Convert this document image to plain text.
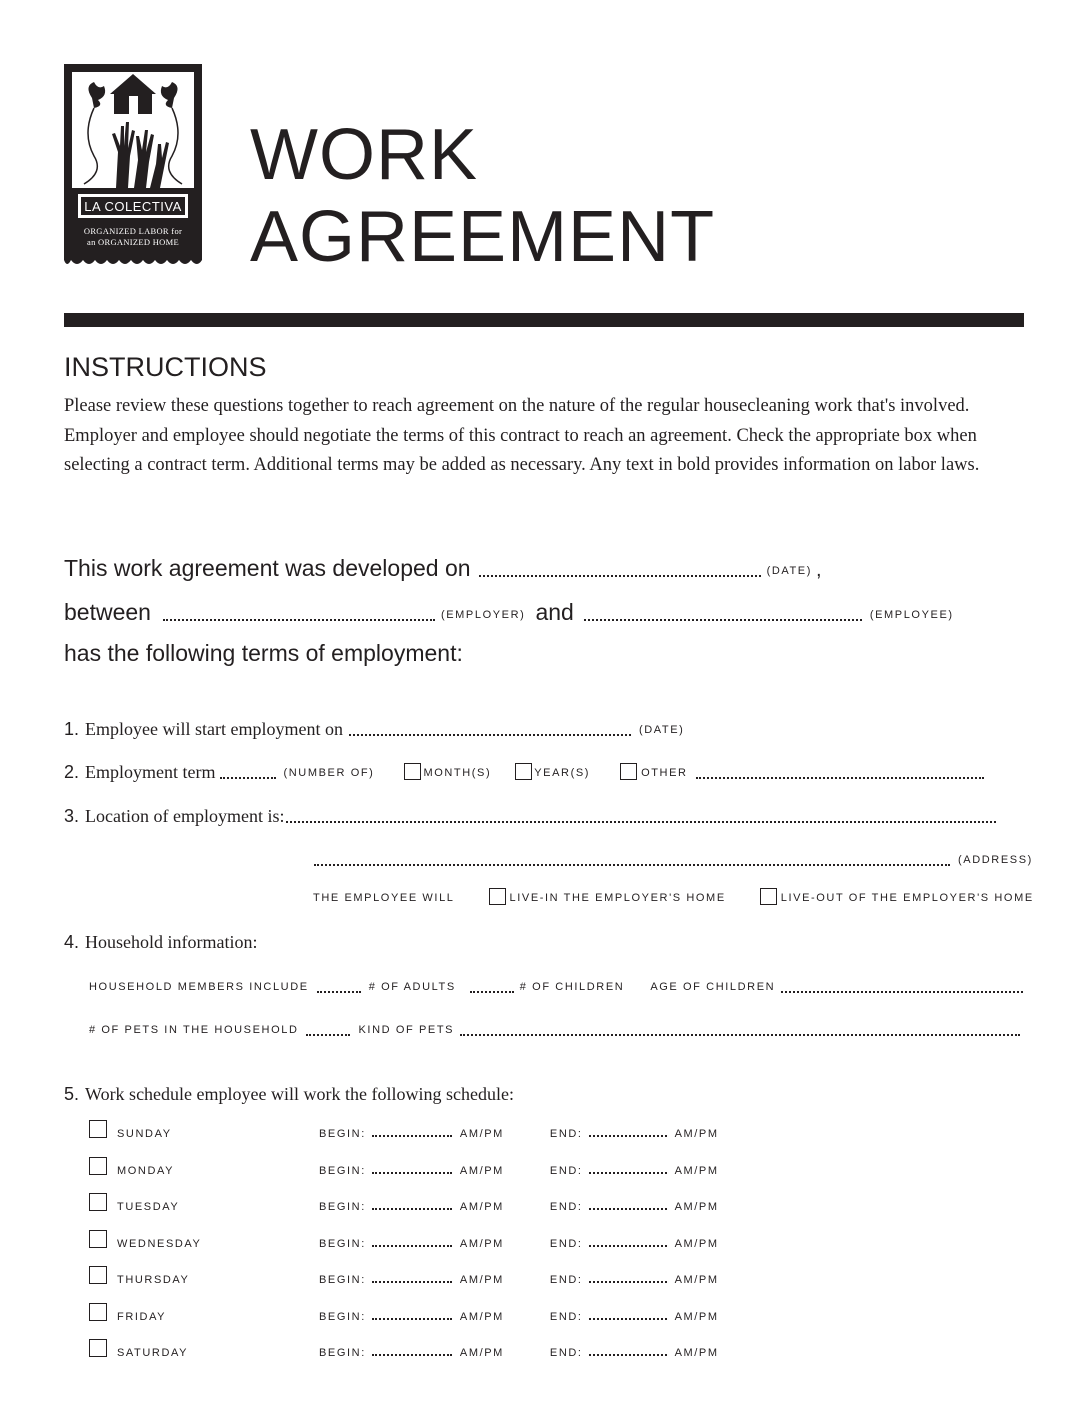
LA COLECTIVA
ORGANIZED LABOR for
an ORGANIZED HOME
WORK
AGREEMENT
INSTRUCTIONS
Please review these questions together to reach agreement on the nature of the regular housecleaning work that's involved. Employer and employee should negotiate the terms of this contract to reach an agreement. Check the appropriate box when selecting a contract term. Additional terms may be added as necessary. Any text in bold provides information on labor laws.
This work agreement was developed on	(DATE) ,
between	(EMPLOYER) and	(EMPLOYEE)
has the following terms of employment:
1. Employee will start employment on	(DATE)
2. Employment term	(NUMBER OF)	MONTH(S)	YEAR(S)	OTHER
3. Location of employment is:
(ADDRESS)
THE EMPLOYEE WILL	LIVE-IN THE EMPLOYER'S HOME	LIVE-OUT OF THE EMPLOYER'S HOME
4. Household information:
HOUSEHOLD MEMBERS INCLUDE	# OF ADULTS	# OF CHILDREN AGE OF CHILDREN
# OF PETS IN THE HOUSEHOLD	KIND OF PETS
5. Work schedule employee will work the following schedule:
SUNDAY	BEGIN:	AM/PM	END:	AM/PM
MONDAY	BEGIN:	AM/PM	END:	AM/PM
TUESDAY	BEGIN:	AM/PM	END:	AM/PM
WEDNESDAY	BEGIN:	AM/PM	END:	AM/PM
THURSDAY	BEGIN:	AM/PM	END:	AM/PM
FRIDAY	BEGIN:	AM/PM	END:	AM/PM
SATURDAY	BEGIN:	AM/PM	END:	AM/PM
